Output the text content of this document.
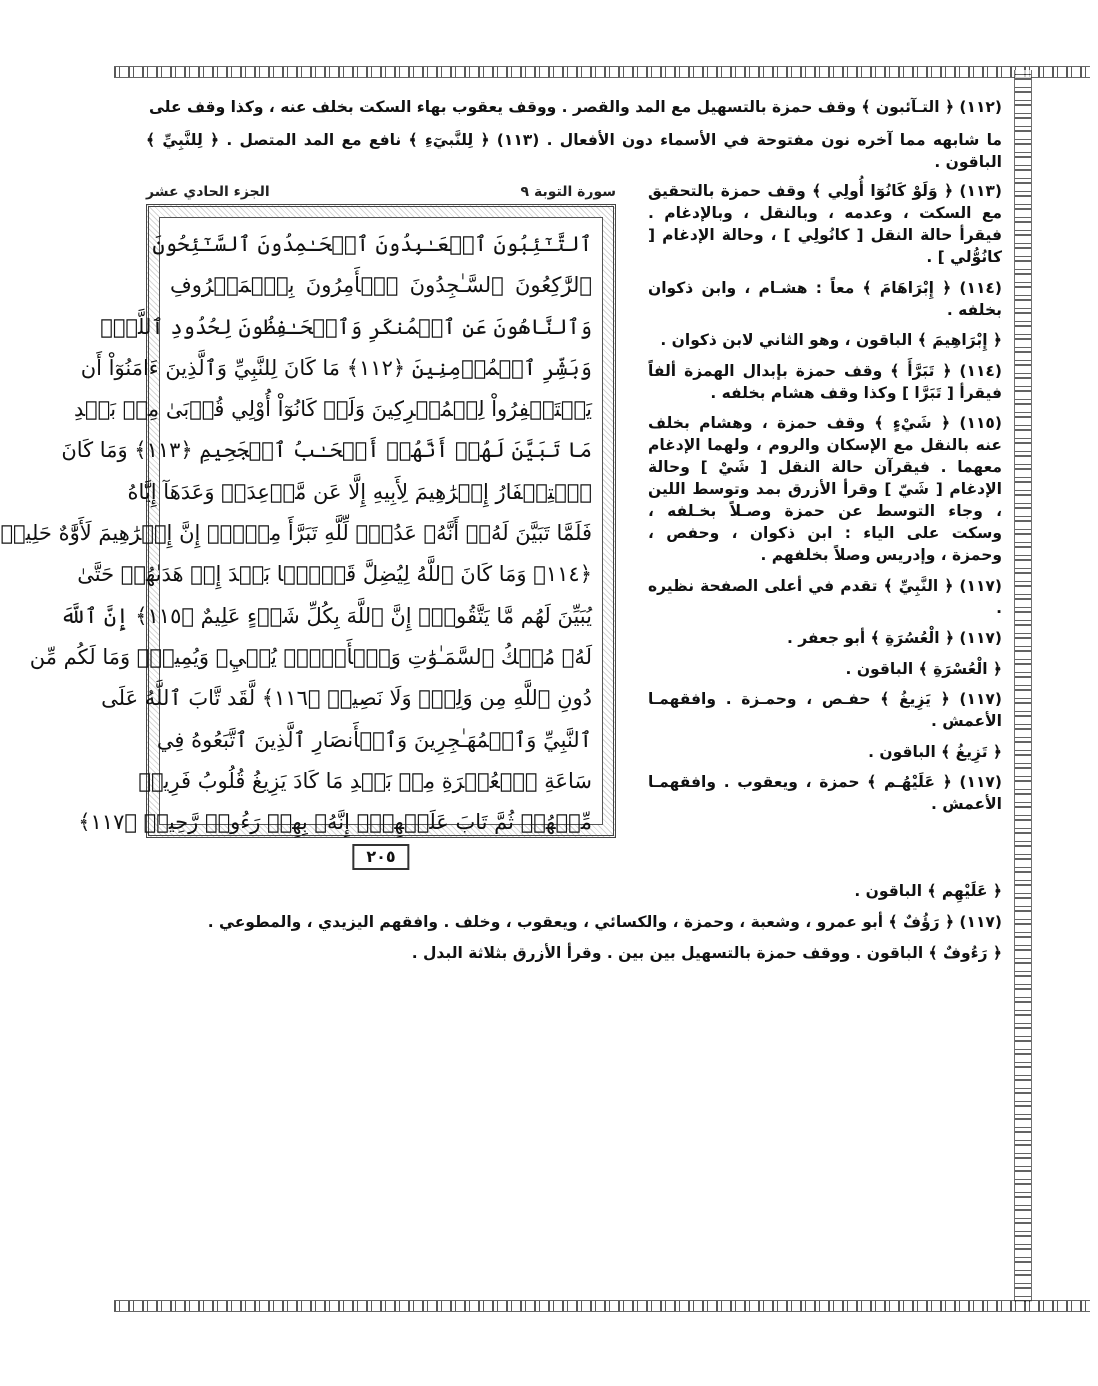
(١١٢) ﴿ التـآئبون ﴾ وقف حمزة بالتسهيل مع المد والقصر . ووقف يعقوب بهاء السكت بخلف عنه ، وكذا وقف على
ما شابهه مما آخره نون مفتوحة في الأسماء دون الأفعال . (١١٣) ﴿ لِلنَّبيٓءِ ﴾ نافع مع المد المتصل . ﴿ لِلنَّبِيِّ ﴾ الباقون .
الجزء الحادي عشر	سورة التوبة ٩
ٱلتَّـٰٓئِبُونَ ٱلۡعَـٰبِدُونَ ٱلۡحَـٰمِدُونَ ٱلسَّـٰٓئِحُونَ
ٱلرَّٰكِعُونَ ٱلسَّـٰجِدُونَ ٱلۡأَمِرُونَ بِٱلۡمَعۡرُوفِ
وَٱلنَّاهُونَ عَنِ ٱلۡمُنكَرِ وَٱلۡحَـٰفِظُونَ لِحُدُودِ ٱللَّهِۗ
وَبَشِّرِ ٱلۡمُؤۡمِنِينَ ﴿١١٢﴾ مَا كَانَ لِلنَّبِيِّ وَٱلَّذِينَ ءَامَنُوٓاْ أَن
يَسۡتَغۡفِرُواْ لِلۡمُشۡرِكِينَ وَلَوۡ كَانُوٓاْ أُوْلِي قُرۡبَىٰ مِنۢ بَعۡدِ
مَا تَبَيَّنَ لَهُمۡ أَنَّهُمۡ أَصۡحَـٰبُ ٱلۡجَحِيمِ ﴿١١٣﴾ وَمَا كَانَ
ٱسۡتِغۡفَارُ إِبۡرَٰهِيمَ لِأَبِيهِ إِلَّا عَن مَّوۡعِدَةٖ وَعَدَهَآ إِيَّاهُ
فَلَمَّا تَبَيَّنَ لَهُۥٓ أَنَّهُۥ عَدُوّٞ لِّلَّهِ تَبَرَّأَ مِنۡهُۚ إِنَّ إِبۡرَٰهِيمَ لَأَوَّٰهٌ حَلِيمٞ
﴿١١٤﴾ وَمَا كَانَ ٱللَّهُ لِيُضِلَّ قَوۡمَۢا بَعۡدَ إِذۡ هَدَىٰهُمۡ حَتَّىٰ
يُبَيِّنَ لَهُم مَّا يَتَّقُونَۚ إِنَّ ٱللَّهَ بِكُلِّ شَيۡءٍ عَلِيمٌ ﴿١١٥﴾ إِنَّ ٱللَّهَ
لَهُۥ مُلۡكُ ٱلسَّمَـٰوَٰتِ وَٱلۡأَرۡضِۖ يُحۡيِۦ وَيُمِيتُۚ وَمَا لَكُم مِّن
دُونِ ٱللَّهِ مِن وَلِيّٖ وَلَا نَصِيرٖ ﴿١١٦﴾ لَّقَد تَّابَ ٱللَّهُ عَلَى
ٱلنَّبِيِّ وَٱلۡمُهَـٰجِرِينَ وَٱلۡأَنصَارِ ٱلَّذِينَ ٱتَّبَعُوهُ فِي
سَاعَةِ ٱلۡعُسۡرَةِ مِنۢ بَعۡدِ مَا كَادَ يَزِيغُ قُلُوبُ فَرِيقٖ
مِّنۡهُمۡ ثُمَّ تَابَ عَلَيۡهِمۡۚ إِنَّهُۥ بِهِمۡ رَءُوفٞ رَّحِيمٞ ﴿١١٧﴾
٢٠٥
(١١٣) ﴿ وَلَوْ كَانُوٓا أُولِي ﴾ وقف حمزة بالتحقيق مع السكت ، وعدمه ، وبالنقل ، وبالإدغام . فيقرأ حالة النقل [ كانُولِي ] ، وحالة الإدغام [ كانُوُّلي ] .
(١١٤) ﴿ إِبْرَاهَامَ ﴾ معاً : هشـام ، وابن ذكوان بخلفه .
﴿ إِبْرَاهِيمَ ﴾ الباقون ، وهو الثاني لابن ذكوان .
(١١٤) ﴿ تَبَرَّأَ ﴾ وقف حمزة بإبدال الهمزة ألفاً فيقرأ [ تَبَرَّا ] وكذا وقف هشام بخلفه .
(١١٥) ﴿ شَيْءٍ ﴾ وقف حمزة ، وهشام بخلف عنه بالنقل مع الإسكان والروم ، ولهما الإدغام معهما . فيقرآن حالة النقل [ شَيْ ] وحالة الإدغام [ شَيّ ] وقرأ الأزرق بمد وتوسط اللين ، وجاء التوسط عن حمزة وصـلاً بخـلفه ، وسكت على الياء : ابن ذكوان ، وحفص ، وحمزة ، وإدريس وصلاً بخلفهم .
(١١٧) ﴿ النَّبِيِّ ﴾ تقدم في أعلى الصفحة نظيره .
(١١٧) ﴿ الْعُسُرَةِ ﴾ أبو جعفر .
﴿ الْعُسْرَةِ ﴾ الباقون .
(١١٧) ﴿ يَزِيغُ ﴾ حفـص ، وحمـزة . وافقهمـا الأعمش .
﴿ تَزِيغُ ﴾ الباقون .
(١١٧) ﴿ عَلَيْهُـم ﴾ حمزة ، ويعقوب . وافقهمـا الأعمش .
﴿ عَلَيْهِم ﴾ الباقون .
(١١٧) ﴿ رَؤُفٌ ﴾ أبو عمرو ، وشعبة ، وحمزة ، والكسائي ، ويعقوب ، وخلف . وافقهم اليزيدي ، والمطوعي .
﴿ رَءُوفٌ ﴾ الباقون . ووقف حمزة بالتسهيل بين بين . وقرأ الأزرق بثلاثة البدل .
